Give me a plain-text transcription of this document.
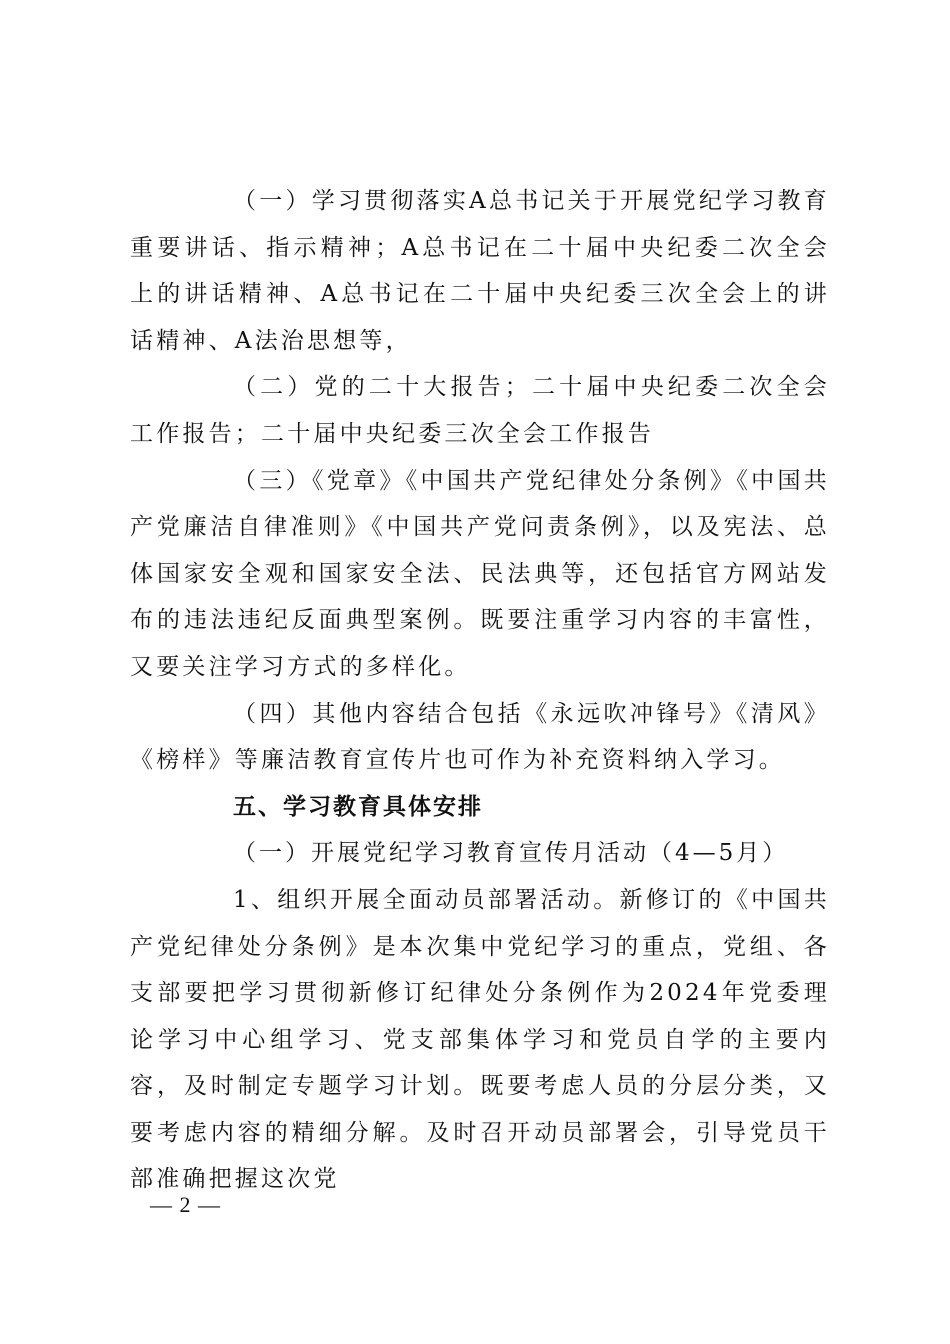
（一）学习贯彻落实A总书记关于开展党纪学习教育重要讲话、指示精神；A总书记在二十届中央纪委二次全会上的讲话精神、A总书记在二十届中央纪委三次全会上的讲话精神、A法治思想等，

（二）党的二十大报告；二十届中央纪委二次全会工作报告；二十届中央纪委三次全会工作报告

（三）《党章》《中国共产党纪律处分条例》《中国共产党廉洁自律准则》《中国共产党问责条例》，以及宪法、总体国家安全观和国家安全法、民法典等，还包括官方网站发布的违法违纪反面典型案例。既要注重学习内容的丰富性，又要关注学习方式的多样化。

（四）其他内容结合包括《永远吹冲锋号》《清风》《榜样》等廉洁教育宣传片也可作为补充资料纳入学习。

五、学习教育具体安排

（一）开展党纪学习教育宣传月活动（4—5月）

1、组织开展全面动员部署活动。新修订的《中国共产党纪律处分条例》是本次集中党纪学习的重点，党组、各支部要把学习贯彻新修订纪律处分条例作为2024年党委理论学习中心组学习、党支部集体学习和党员自学的主要内容，及时制定专题学习计划。既要考虑人员的分层分类，又要考虑内容的精细分解。及时召开动员部署会，引导党员干部准确把握这次党

— 2 —
